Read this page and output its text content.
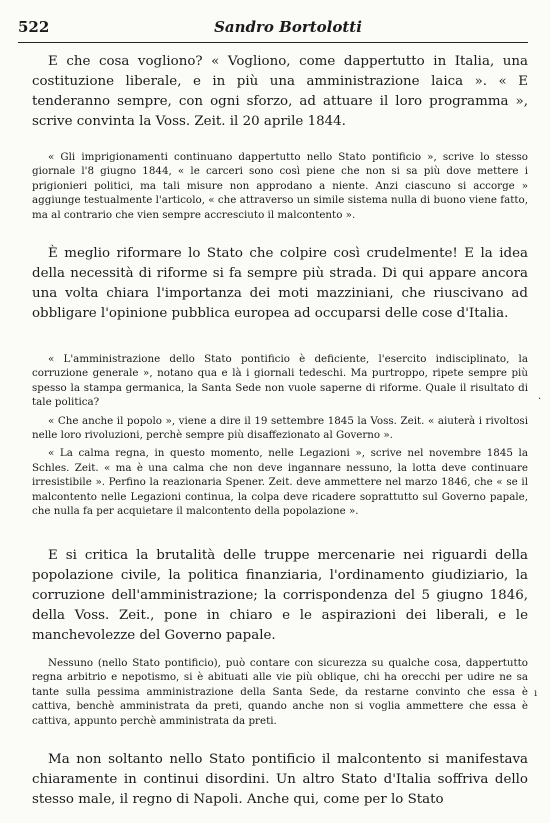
522	Sandro Bortolotti

E che cosa vogliono? « Vogliono, come dappertutto in Italia, una costituzione liberale, e in più una amministrazione laica ». « E tenderanno sempre, con ogni sforzo, ad attuare il loro programma », scrive convinta la Voss. Zeit. il 20 aprile 1844.

« Gli imprigionamenti continuano dappertutto nello Stato pontificio », scrive lo stesso giornale l'8 giugno 1844, « le carceri sono così piene che non si sa più dove mettere i prigionieri politici, ma tali misure non approdano a niente. Anzi ciascuno si accorge » aggiunge testualmente l'articolo, « che attraverso un simile sistema nulla di buono viene fatto, ma al contrario che vien sempre accresciuto il malcontento ».

È meglio riformare lo Stato che colpire così crudelmente! E la idea della necessità di riforme si fa sempre più strada. Di qui appare ancora una volta chiara l'importanza dei moti mazziniani, che riuscivano ad obbligare l'opinione pubblica europea ad occuparsi delle cose d'Italia.

« L'amministrazione dello Stato pontificio è deficiente, l'esercito indisciplinato, la corruzione generale », notano qua e là i giornali tedeschi. Ma purtroppo, ripete sempre più spesso la stampa germanica, la Santa Sede non vuole saperne di riforme. Quale il risultato di tale politica?

« Che anche il popolo », viene a dire il 19 settembre 1845 la Voss. Zeit. « aiuterà i rivoltosi nelle loro rivoluzioni, perchè sempre più disaffezionato al Governo ».

« La calma regna, in questo momento, nelle Legazioni », scrive nel novembre 1845 la Schles. Zeit. « ma è una calma che non deve ingannare nessuno, la lotta deve continuare irresistibile ». Perfino la reazionaria Spener. Zeit. deve ammettere nel marzo 1846, che « se il malcontento nelle Legazioni continua, la colpa deve ricadere soprattutto sul Governo papale, che nulla fa per acquietare il malcontento della popolazione ».

E si critica la brutalità delle truppe mercenarie nei riguardi della popolazione civile, la politica finanziaria, l'ordinamento giudiziario, la corruzione dell'amministrazione; la corrispondenza del 5 giugno 1846, della Voss. Zeit., pone in chiaro e le aspirazioni dei liberali, e le manchevolezze del Governo papale.

Nessuno (nello Stato pontificio), può contare con sicurezza su qualche cosa, dappertutto regna arbitrio e nepotismo, si è abituati alle vie più oblique, chi ha orecchi per udire ne sa tante sulla pessima amministrazione della Santa Sede, da restarne convinto che essa è cattiva, benchè amministrata da preti, quando anche non si voglia ammettere che essa è cattiva, appunto perchè amministrata da preti.

Ma non soltanto nello Stato pontificio il malcontento si manifestava chiaramente in continui disordini. Un altro Stato d'Italia soffriva dello stesso male, il regno di Napoli. Anche qui, come per lo Stato

·
ı
